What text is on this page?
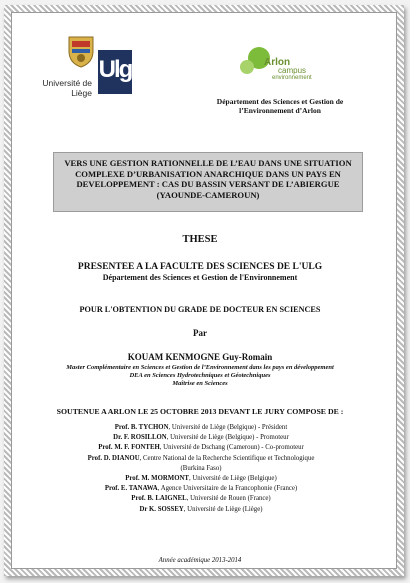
Université de Liège
Ulg	Arlon
campus
environnement
Département des Sciences et Gestion de l’Environnement d’Arlon
VERS UNE GESTION RATIONNELLE DE L’EAU DANS UNE SITUATION COMPLEXE D’URBANISATION ANARCHIQUE DANS UN PAYS EN DEVELOPPEMENT : CAS DU BASSIN VERSANT DE L’ABIERGUE (YAOUNDE-CAMEROUN)
THESE
PRESENTEE A LA FACULTE DES SCIENCES DE L'ULG
Département des Sciences et Gestion de l'Environnement
POUR L'OBTENTION DU GRADE DE DOCTEUR EN SCIENCES
Par
KOUAM KENMOGNE Guy-Romain
Master Complémentaire en Sciences et Gestion de l’Environnement dans les pays en développement
DEA en Sciences Hydrotechniques et Géotechniques
Maîtrise en Sciences
SOUTENUE A ARLON LE 25 OCTOBRE 2013 DEVANT LE JURY COMPOSE DE :
Prof. B. TYCHON, Université de Liège (Belgique) - Président
Dr. F. ROSILLON, Université de Liège (Belgique) - Promoteur
Prof. M. F. FONTEH, Université de Dschang (Cameroun) - Co-promoteur
Prof. D. DIANOU, Centre National de la Recherche Scientifique et Technologique
(Burkina Faso)
Prof. M. MORMONT, Université de Liège (Belgique)
Prof. E. TANAWA, Agence Universitaire de la Francophonie (France)
Prof. B. LAIGNEL, Université de Rouen (France)
Dr K. SOSSEY, Université de Liège (Liège)
Année académique 2013-2014
